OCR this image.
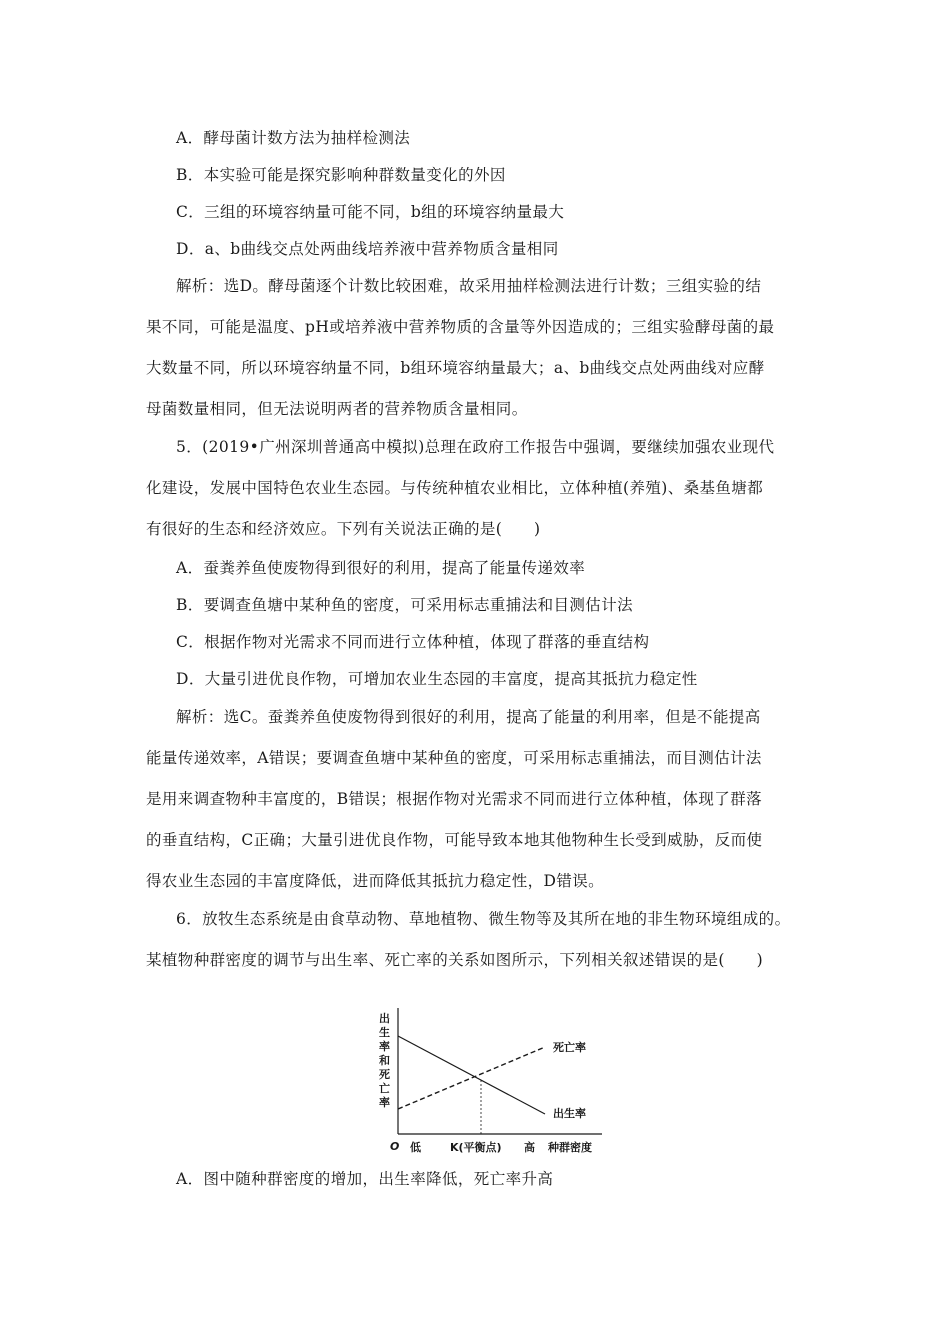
A．酵母菌计数方法为抽样检测法
B．本实验可能是探究影响种群数量变化的外因
C．三组的环境容纳量可能不同，b组的环境容纳量最大
D．a、b曲线交点处两曲线培养液中营养物质含量相同
解析：选D。酵母菌逐个计数比较困难，故采用抽样检测法进行计数；三组实验的结
果不同，可能是温度、pH或培养液中营养物质的含量等外因造成的；三组实验酵母菌的最
大数量不同，所以环境容纳量不同，b组环境容纳量最大；a、b曲线交点处两曲线对应酵
母菌数量相同，但无法说明两者的营养物质含量相同。
5．(2019•广州深圳普通高中模拟)总理在政府工作报告中强调，要继续加强农业现代
化建设，发展中国特色农业生态园。与传统种植农业相比，立体种植(养殖)、桑基鱼塘都
有很好的生态和经济效应。下列有关说法正确的是(　　)
A．蚕粪养鱼使废物得到很好的利用，提高了能量传递效率
B．要调查鱼塘中某种鱼的密度，可采用标志重捕法和目测估计法
C．根据作物对光需求不同而进行立体种植，体现了群落的垂直结构
D．大量引进优良作物，可增加农业生态园的丰富度，提高其抵抗力稳定性
解析：选C。蚕粪养鱼使废物得到很好的利用，提高了能量的利用率，但是不能提高
能量传递效率，A错误；要调查鱼塘中某种鱼的密度，可采用标志重捕法，而目测估计法
是用来调查物种丰富度的，B错误；根据作物对光需求不同而进行立体种植，体现了群落
的垂直结构，C正确；大量引进优良作物，可能导致本地其他物种生长受到威胁，反而使
得农业生态园的丰富度降低，进而降低其抵抗力稳定性，D错误。
6．放牧生态系统是由食草动物、草地植物、微生物等及其所在地的非生物环境组成的。
某植物种群密度的调节与出生率、死亡率的关系如图所示，下列相关叙述错误的是(　　)
出
生
率
和
死
亡
率
死亡率
出生率
O 低	K(平衡点) 高 种群密度
A．图中随种群密度的增加，出生率降低，死亡率升高
